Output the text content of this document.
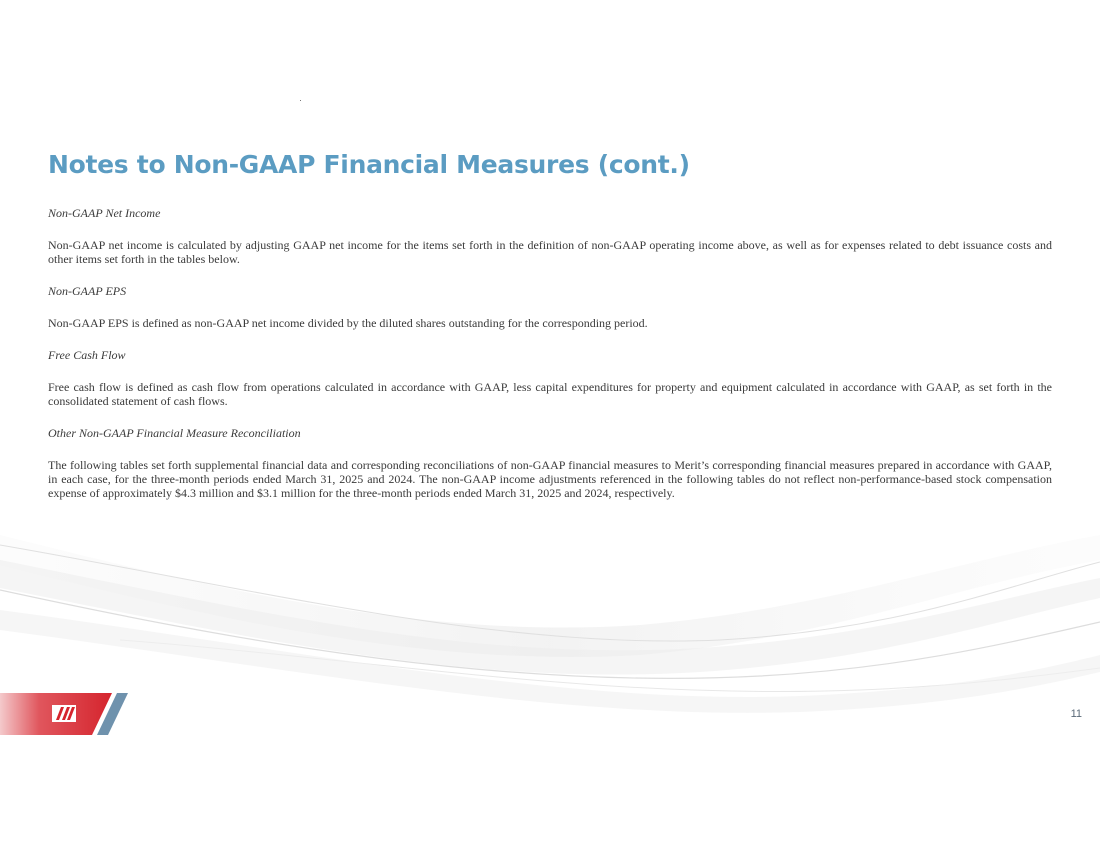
Notes to Non-GAAP Financial Measures (cont.)

Non-GAAP Net Income

Non-GAAP net income is calculated by adjusting GAAP net income for the items set forth in the definition of non-GAAP operating income above, as well as for expenses related to debt issuance costs and other items set forth in the tables below.

Non-GAAP EPS

Non-GAAP EPS is defined as non-GAAP net income divided by the diluted shares outstanding for the corresponding period.

Free Cash Flow

Free cash flow is defined as cash flow from operations calculated in accordance with GAAP, less capital expenditures for property and equipment calculated in accordance with GAAP, as set forth in the consolidated statement of cash flows.

Other Non-GAAP Financial Measure Reconciliation

The following tables set forth supplemental financial data and corresponding reconciliations of non-GAAP financial measures to Merit’s corresponding financial measures prepared in accordance with GAAP, in each case, for the three-month periods ended March 31, 2025 and 2024. The non-GAAP income adjustments referenced in the following tables do not reflect non-performance-based stock compensation expense of approximately $4.3 million and $3.1 million for the three-month periods ended March 31, 2025 and 2024, respectively.

11
